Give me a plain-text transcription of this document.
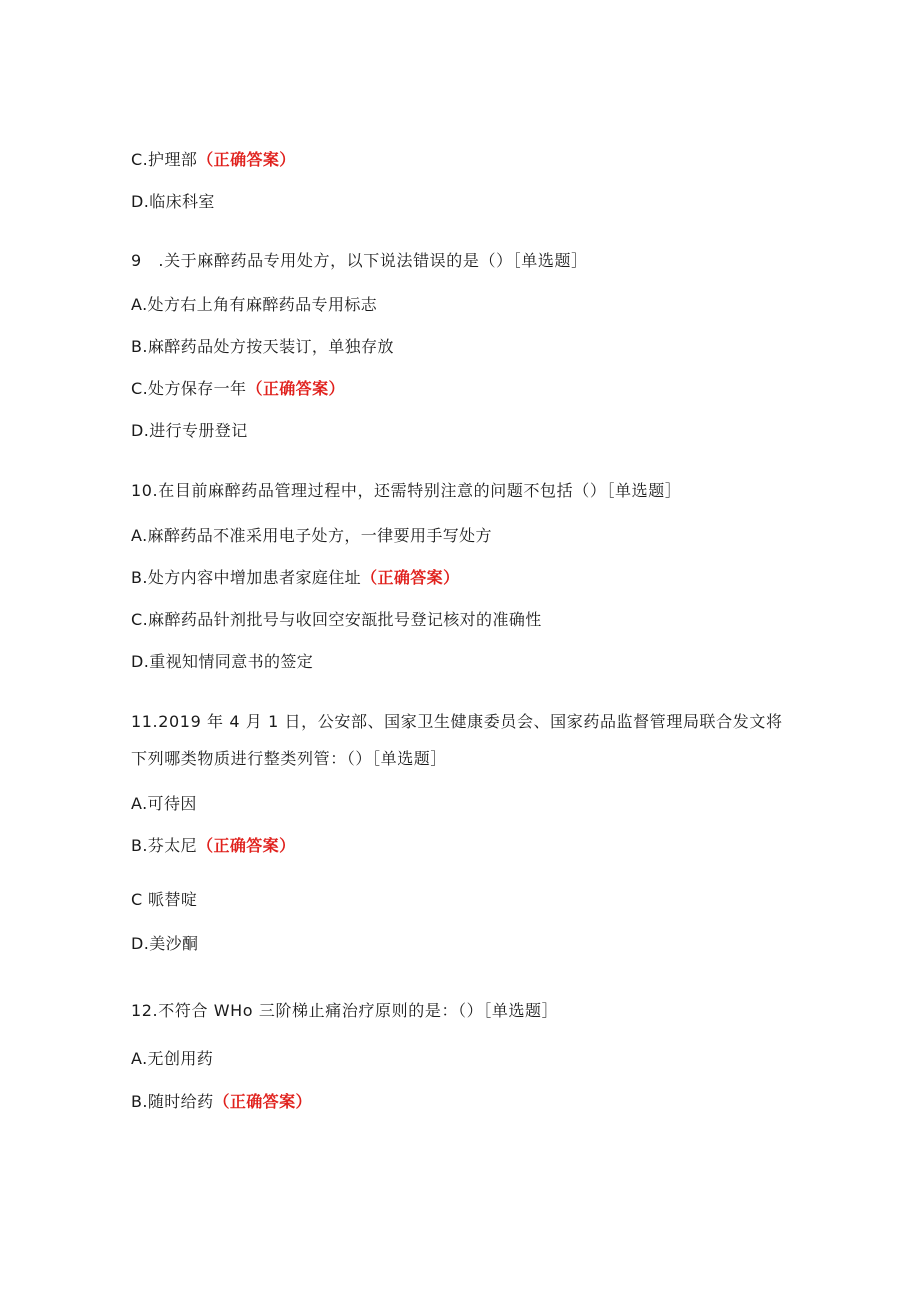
C.护理部（正确答案）
D.临床科室
9　.关于麻醉药品专用处方，以下说法错误的是（）［单选题］
A.处方右上角有麻醉药品专用标志
B.麻醉药品处方按天装订，单独存放
C.处方保存一年（正确答案）
D.进行专册登记
10.在目前麻醉药品管理过程中，还需特别注意的问题不包括（）［单选题］
A.麻醉药品不准采用电子处方，一律要用手写处方
B.处方内容中增加患者家庭住址（正确答案）
C.麻醉药品针剂批号与收回空安瓿批号登记核对的准确性
D.重视知情同意书的签定
11.2019 年 4 月 1 日，公安部、国家卫生健康委员会、国家药品监督管理局联合发文将
下列哪类物质进行整类列管：（）［单选题］
A.可待因
B.芬太尼（正确答案）
C 哌替啶
D.美沙酮
12.不符合 WHo 三阶梯止痛治疗原则的是：（）［单选题］
A.无创用药
B.随时给药（正确答案）
